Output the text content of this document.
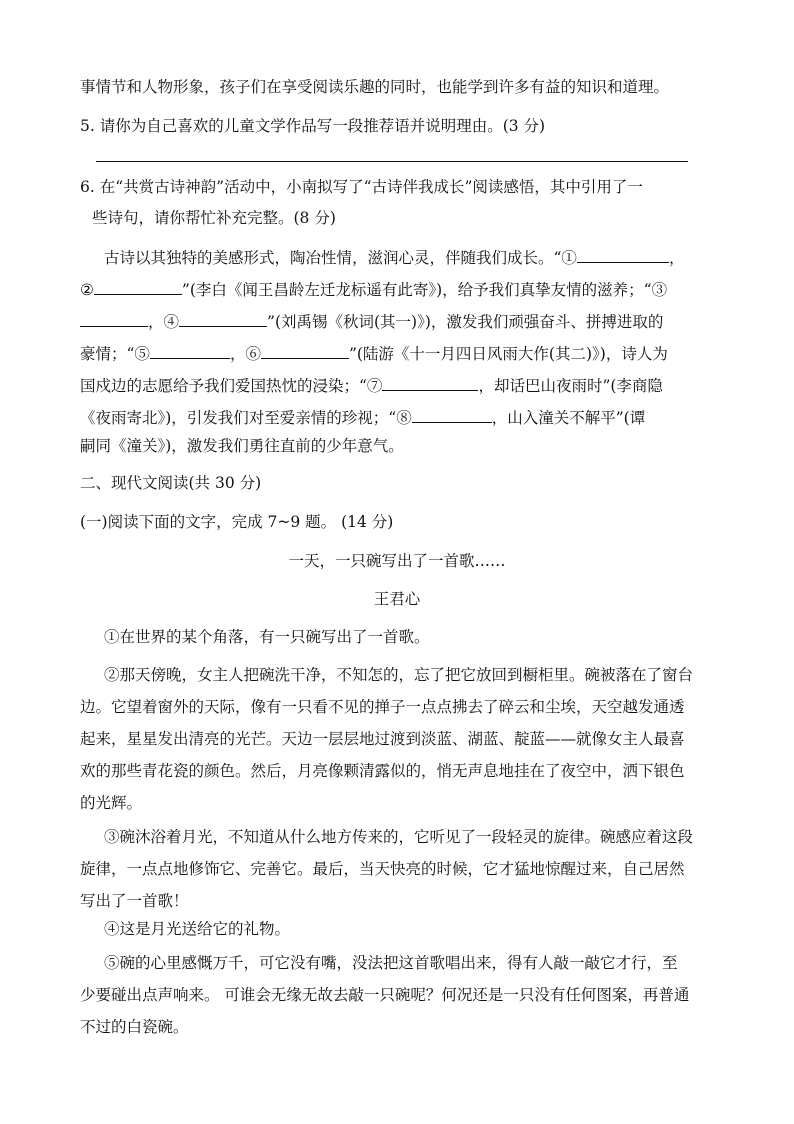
事情节和人物形象，孩子们在享受阅读乐趣的同时，也能学到许多有益的知识和道理。
5. 请你为自己喜欢的儿童文学作品写一段推荐语并说明理由。(3 分)
6. 在“共赏古诗神韵”活动中，小南拟写了“古诗伴我成长”阅读感悟，其中引用了一
些诗句，请你帮忙补充完整。(8 分)
古诗以其独特的美感形式，陶冶性情，滋润心灵，伴随我们成长。“①	，
②	”(李白《闻王昌龄左迁龙标遥有此寄》)，给予我们真挚友情的滋养；“③
，④	”(刘禹锡《秋词(其一)》)，激发我们顽强奋斗、拼搏进取的
豪情；“⑤	，⑥	”(陆游《十一月四日风雨大作(其二)》)，诗人为
国戍边的志愿给予我们爱国热忱的浸染；“⑦	，却话巴山夜雨时”(李商隐
《夜雨寄北》)，引发我们对至爱亲情的珍视；“⑧	，山入潼关不解平”(谭
嗣同《潼关》)，激发我们勇往直前的少年意气。
二、现代文阅读(共 30 分)
(一)阅读下面的文字，完成 7~9 题。 (14 分)
一天，一只碗写出了一首歌……
王君心
①在世界的某个角落，有一只碗写出了一首歌。
②那天傍晚，女主人把碗洗干净，不知怎的，忘了把它放回到橱柜里。碗被落在了窗台
边。它望着窗外的天际，像有一只看不见的掸子一点点拂去了碎云和尘埃，天空越发通透
起来，星星发出清亮的光芒。天边一层层地过渡到淡蓝、湖蓝、靛蓝——就像女主人最喜
欢的那些青花瓷的颜色。然后，月亮像颗清露似的，悄无声息地挂在了夜空中，洒下银色
的光辉。
③碗沐浴着月光，不知道从什么地方传来的，它听见了一段轻灵的旋律。碗感应着这段
旋律，一点点地修饰它、完善它。最后，当天快亮的时候，它才猛地惊醒过来，自己居然
写出了一首歌！
④这是月光送给它的礼物。
⑤碗的心里感慨万千，可它没有嘴，没法把这首歌唱出来，得有人敲一敲它才行，至
少要碰出点声响来。 可谁会无缘无故去敲一只碗呢？何况还是一只没有任何图案，再普通
不过的白瓷碗。
